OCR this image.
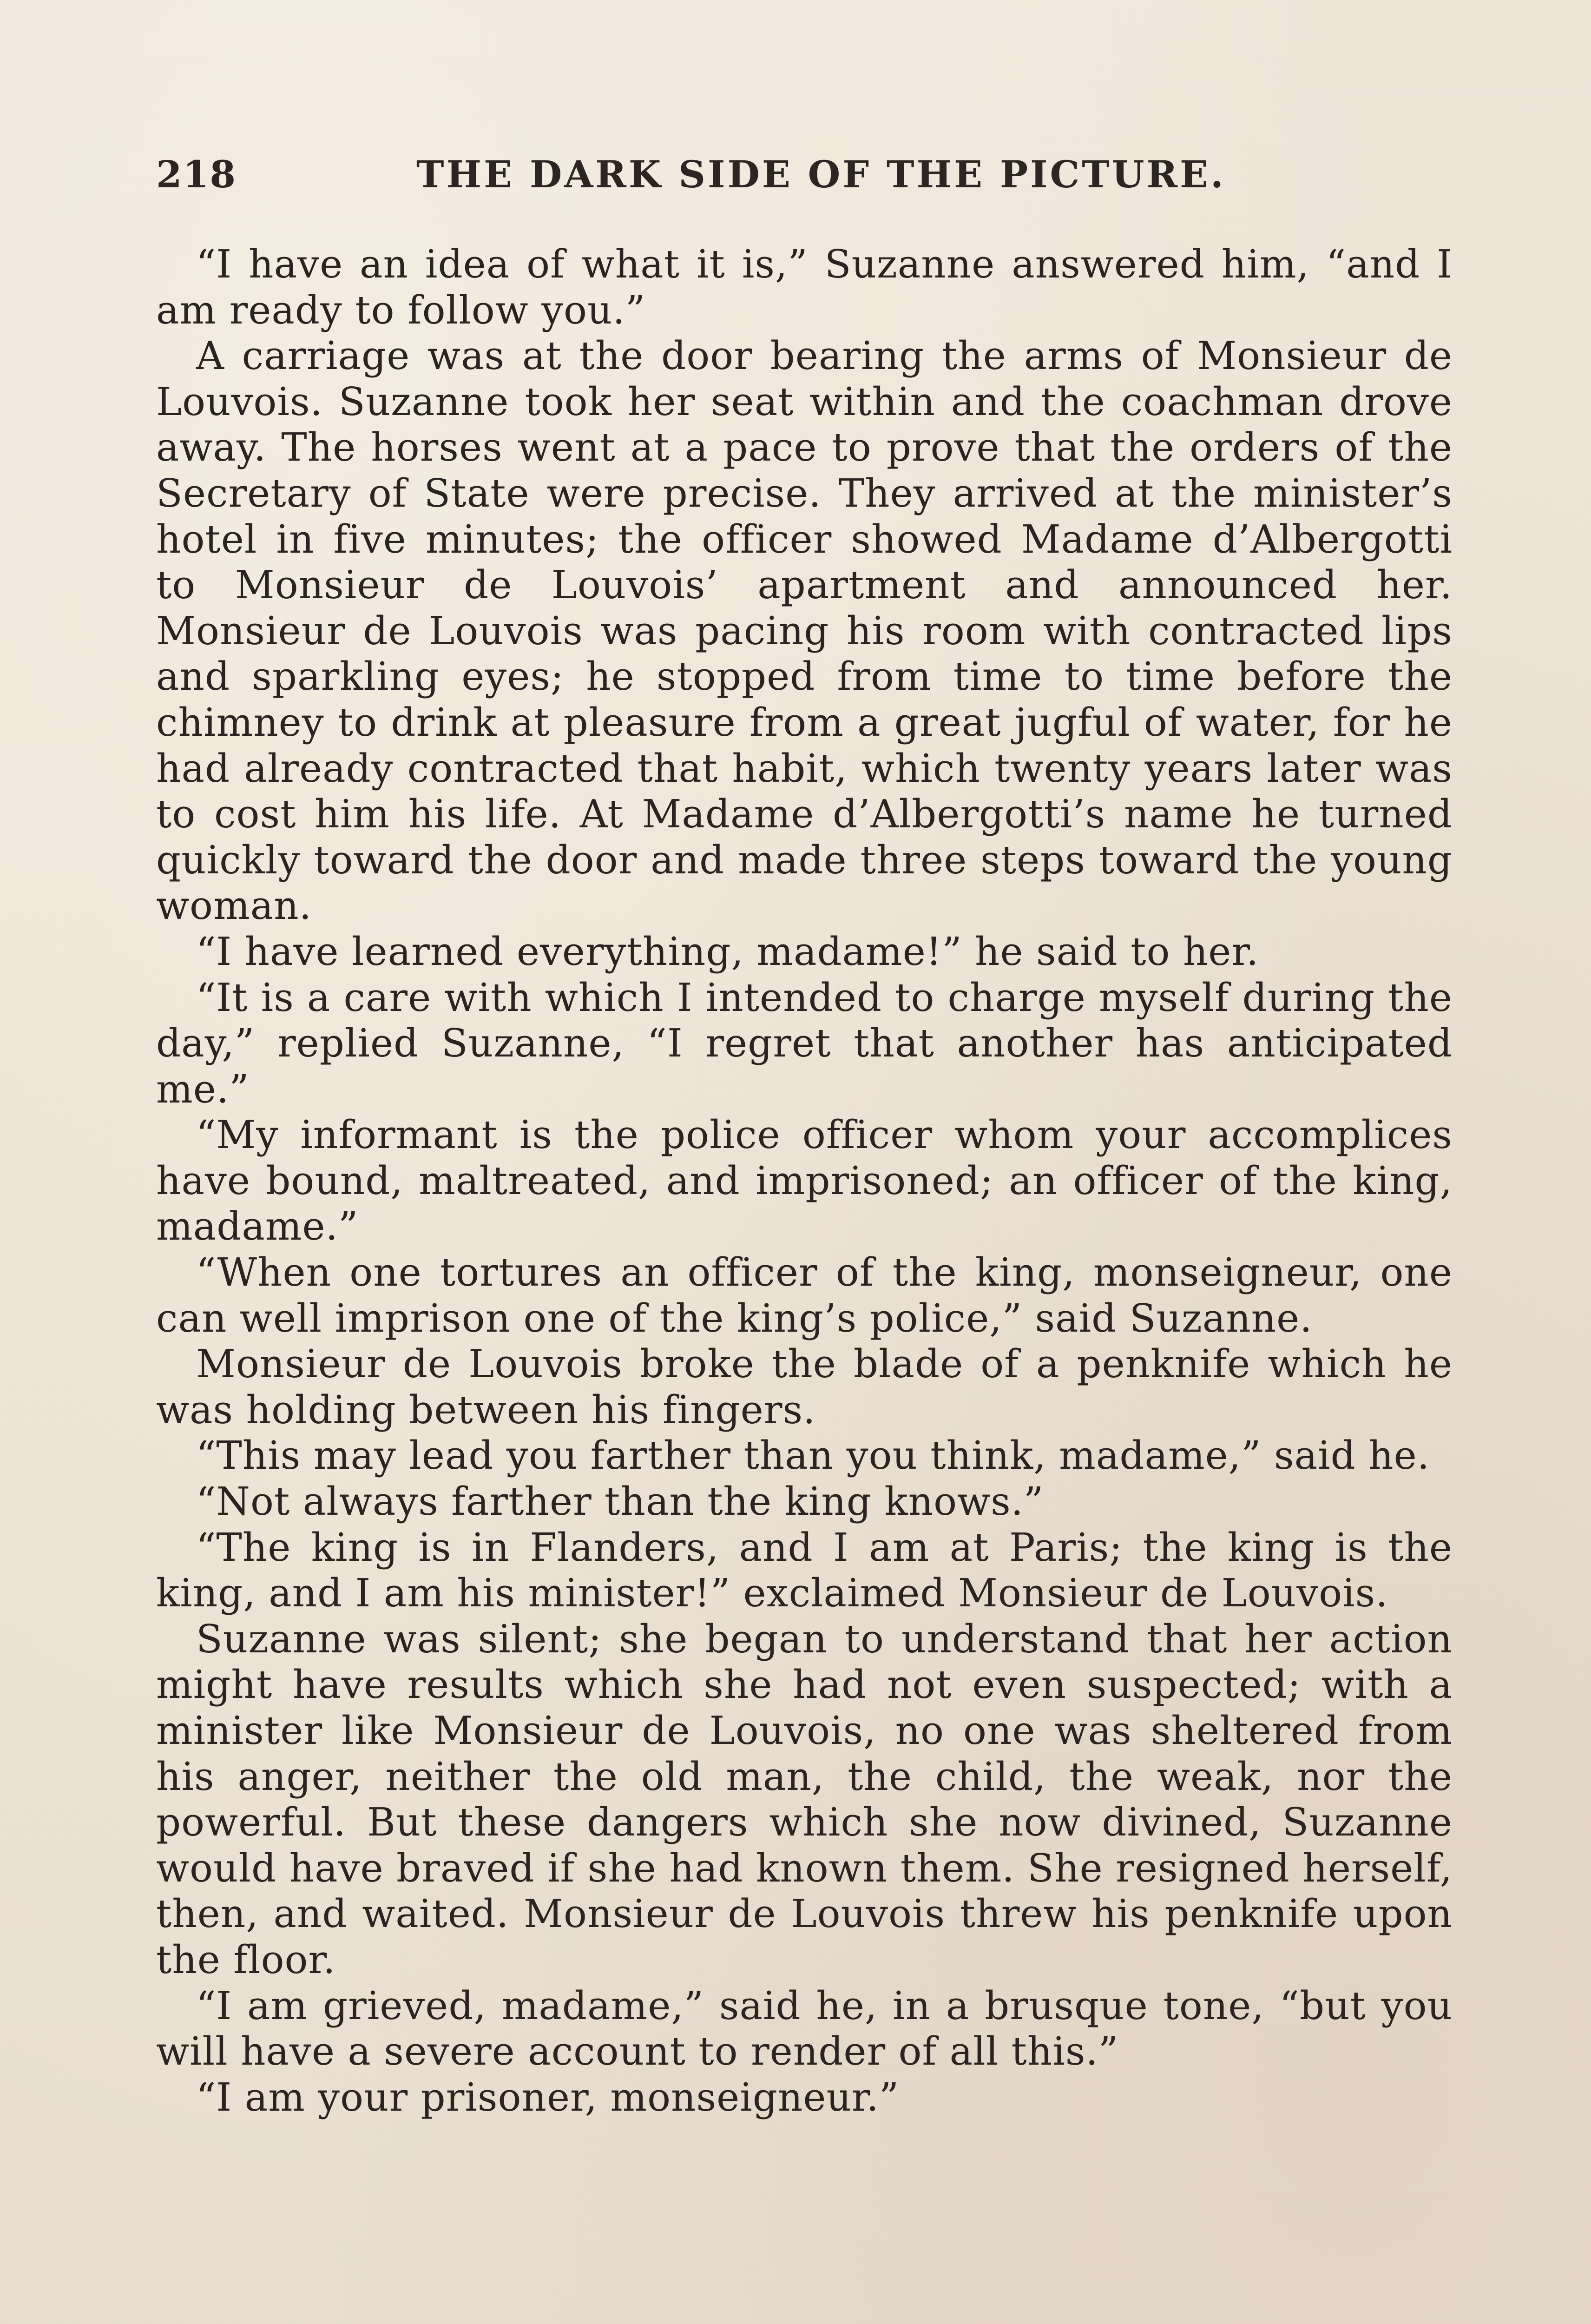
218	THE DARK SIDE OF THE PICTURE.

“I have an idea of what it is,” Suzanne answered him, “and I am ready to follow you.”

A carriage was at the door bearing the arms of Monsieur de Louvois. Suzanne took her seat within and the coachman drove away. The horses went at a pace to prove that the orders of the Secretary of State were precise. They arrived at the minister’s hotel in five minutes; the officer showed Madame d’Albergotti to Monsieur de Louvois’ apartment and announced her. Monsieur de Louvois was pacing his room with contracted lips and sparkling eyes; he stopped from time to time before the chimney to drink at pleasure from a great jugful of water, for he had already contracted that habit, which twenty years later was to cost him his life. At Madame d’Albergotti’s name he turned quickly toward the door and made three steps toward the young woman.

“I have learned everything, madame!” he said to her.

“It is a care with which I intended to charge myself during the day,” replied Suzanne, “I regret that another has anticipated me.”

“My informant is the police officer whom your accomplices have bound, maltreated, and imprisoned; an officer of the king, madame.”

“When one tortures an officer of the king, monseigneur, one can well imprison one of the king’s police,” said Suzanne.

Monsieur de Louvois broke the blade of a penknife which he was holding between his fingers.

“This may lead you farther than you think, madame,” said he.

“Not always farther than the king knows.”

“The king is in Flanders, and I am at Paris; the king is the king, and I am his minister!” exclaimed Monsieur de Louvois.

Suzanne was silent; she began to understand that her action might have results which she had not even suspected; with a minister like Monsieur de Louvois, no one was sheltered from his anger, neither the old man, the child, the weak, nor the powerful. But these dangers which she now divined, Suzanne would have braved if she had known them. She resigned herself, then, and waited. Monsieur de Louvois threw his penknife upon the floor.

“I am grieved, madame,” said he, in a brusque tone, “but you will have a severe account to render of all this.”

“I am your prisoner, monseigneur.”
